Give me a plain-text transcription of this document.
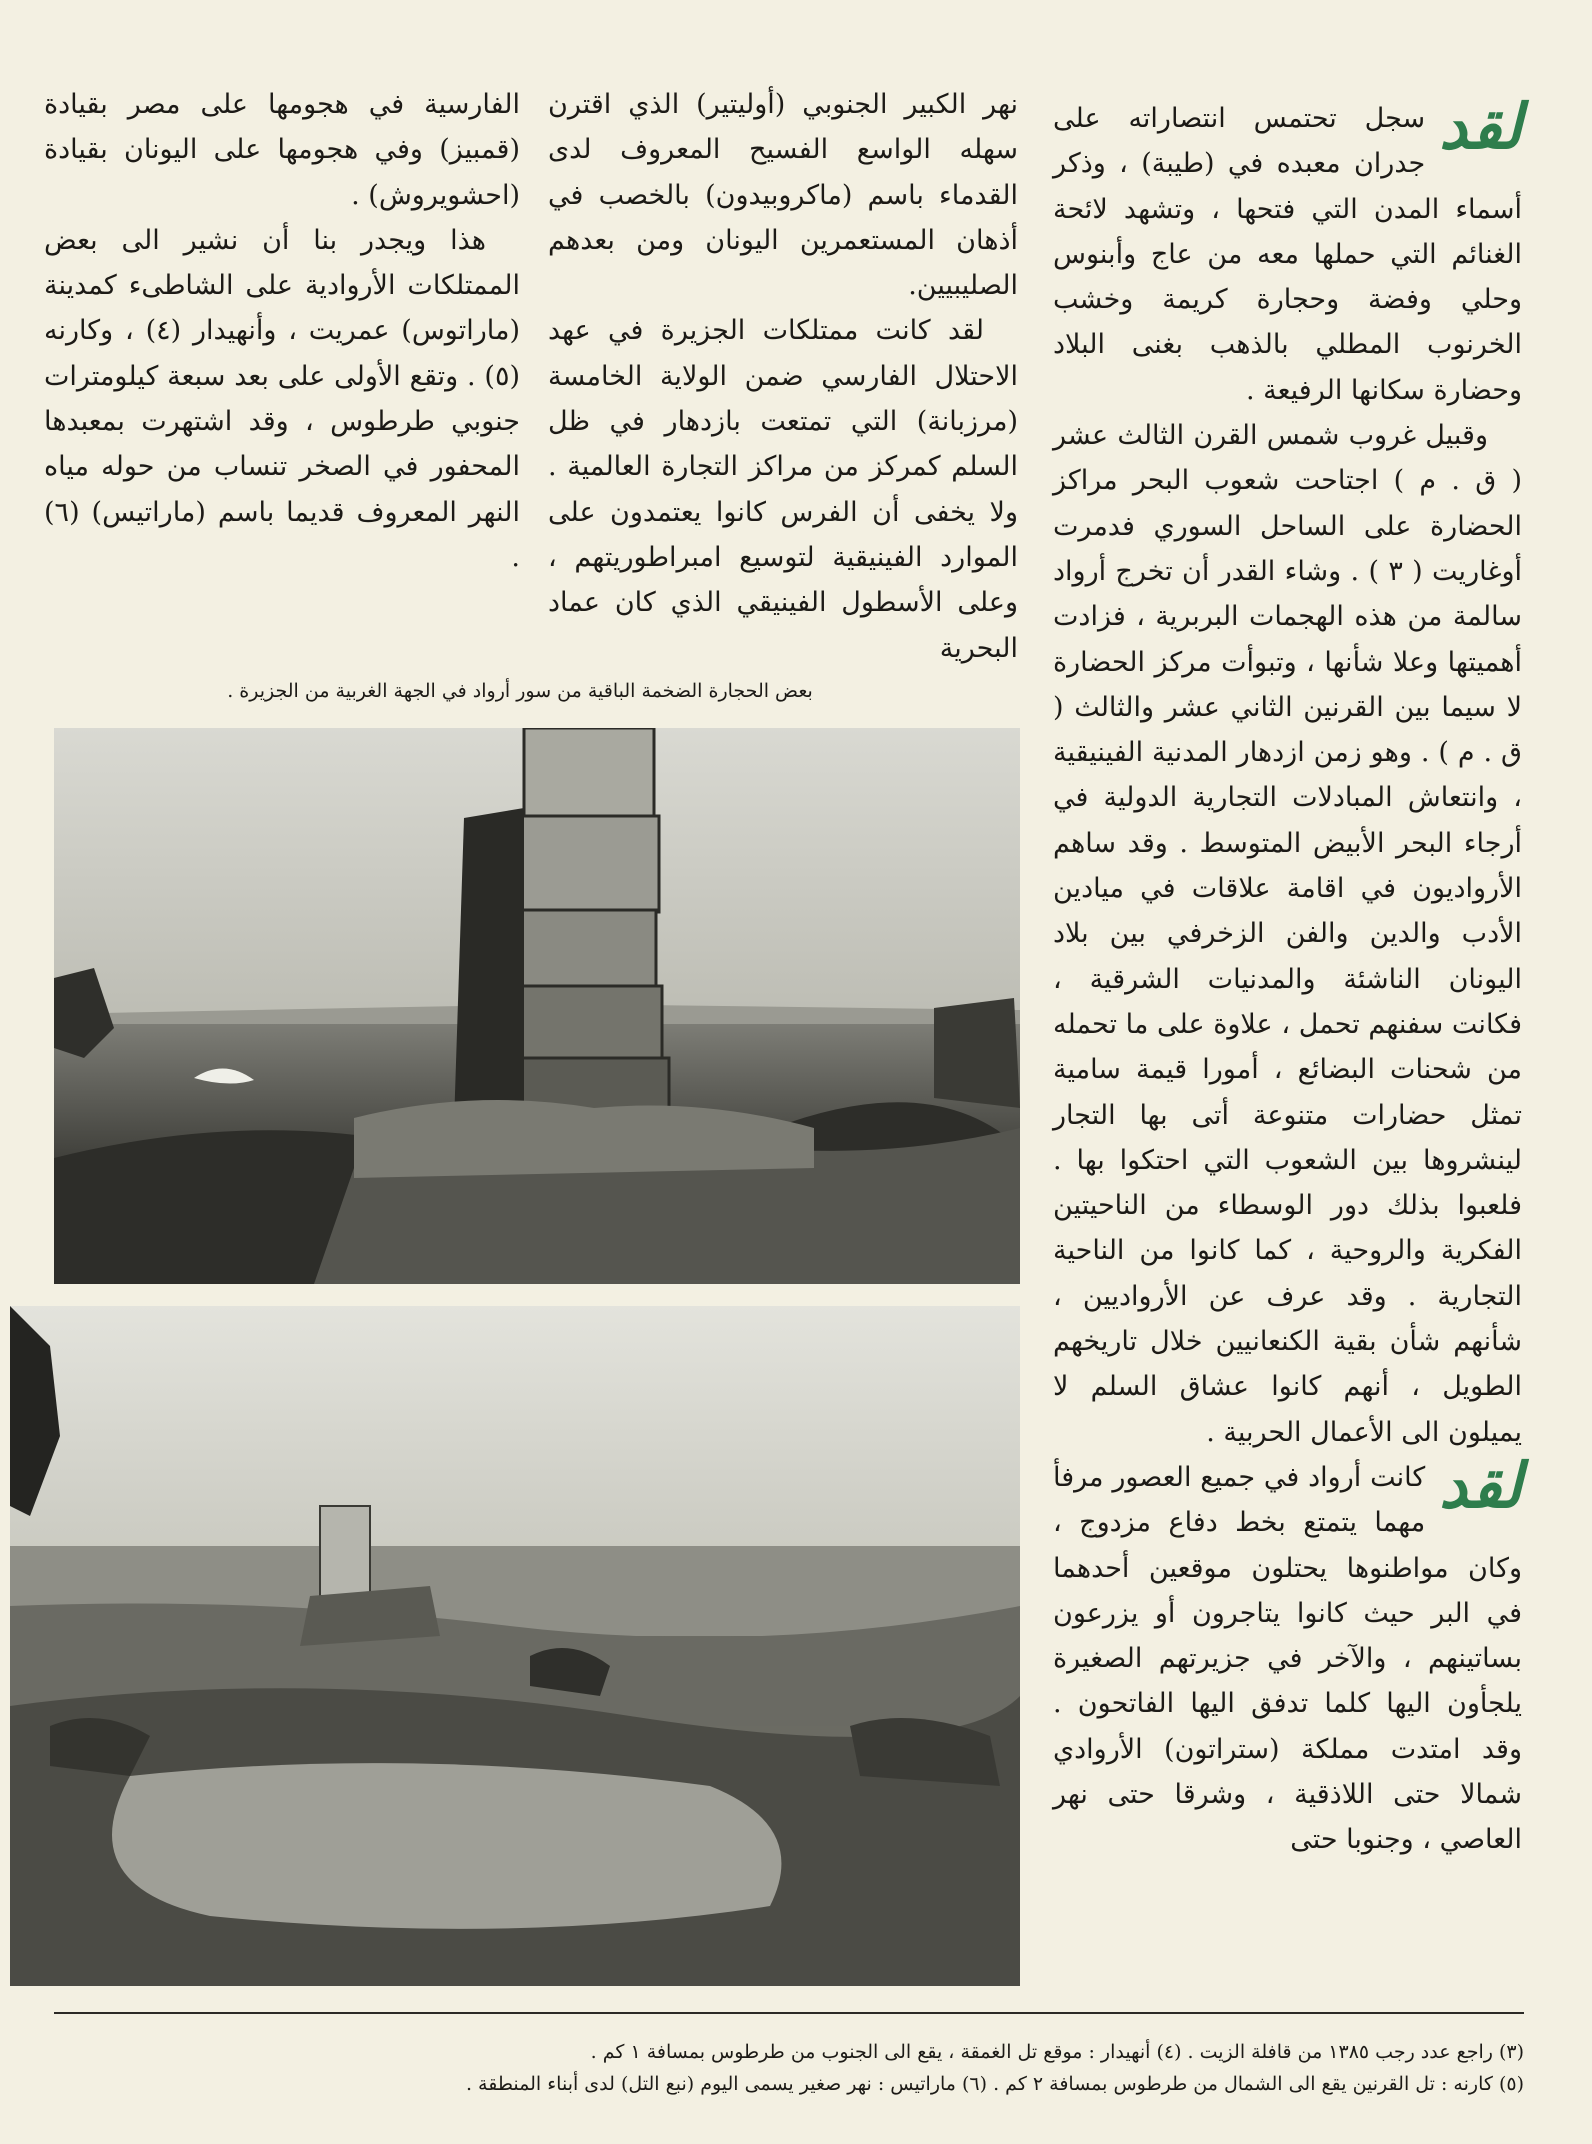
لقد

سجل تحتمس انتصاراته على جدران معبده في (طيبة) ، وذكر أسماء المدن التي فتحها ، وتشهد لائحة الغنائم التي حملها معه من عاج وأبنوس وحلي وفضة وحجارة كريمة وخشب الخرنوب المطلي بالذهب بغنى البلاد وحضارة سكانها الرفيعة .

وقبيل غروب شمس القرن الثالث عشر ( ق . م ) اجتاحت شعوب البحر مراكز الحضارة على الساحل السوري فدمرت أوغاريت ( ٣ ) . وشاء القدر أن تخرج أرواد سالمة من هذه الهجمات البربرية ، فزادت أهميتها وعلا شأنها ، وتبوأت مركز الحضارة لا سيما بين القرنين الثاني عشر والثالث ( ق . م ) . وهو زمن ازدهار المدنية الفينيقية ، وانتعاش المبادلات التجارية الدولية في أرجاء البحر الأبيض المتوسط . وقد ساهم الأرواديون في اقامة علاقات في ميادين الأدب والدين والفن الزخرفي بين بلاد اليونان الناشئة والمدنيات الشرقية ، فكانت سفنهم تحمل ، علاوة على ما تحمله من شحنات البضائع ، أمورا قيمة سامية تمثل حضارات متنوعة أتى بها التجار لينشروها بين الشعوب التي احتكوا بها . فلعبوا بذلك دور الوسطاء من الناحيتين الفكرية والروحية ، كما كانوا من الناحية التجارية . وقد عرف عن الأرواديين ، شأنهم شأن بقية الكنعانيين خلال تاريخهم الطويل ، أنهم كانوا عشاق السلم لا يميلون الى الأعمال الحربية .

لقد

كانت أرواد في جميع العصور مرفأ مهما يتمتع بخط دفاع مزدوج ، وكان مواطنوها يحتلون موقعين أحدهما في البر حيث كانوا يتاجرون أو يزرعون بساتينهم ، والآخر في جزيرتهم الصغيرة يلجأون اليها كلما تدفق اليها الفاتحون . وقد امتدت مملكة (ستراتون) الأروادي شمالا حتى اللاذقية ، وشرقا حتى نهر العاصي ، وجنوبا حتى

نهر الكبير الجنوبي (أوليتير) الذي اقترن سهله الواسع الفسيح المعروف لدى القدماء باسم (ماكروبيدون) بالخصب في أذهان المستعمرين اليونان ومن بعدهم الصليبيين.

لقد كانت ممتلكات الجزيرة في عهد الاحتلال الفارسي ضمن الولاية الخامسة (مرزبانة) التي تمتعت بازدهار في ظل السلم كمركز من مراكز التجارة العالمية . ولا يخفى أن الفرس كانوا يعتمدون على الموارد الفينيقية لتوسيع امبراطوريتهم ، وعلى الأسطول الفينيقي الذي كان عماد البحرية

الفارسية في هجومها على مصر بقيادة (قمبيز) وفي هجومها على اليونان بقيادة (احشويروش) .

هذا ويجدر بنا أن نشير الى بعض الممتلكات الأروادية على الشاطىء كمدينة (ماراتوس) عمريت ، وأنهيدار (٤) ، وكارنه (٥) . وتقع الأولى على بعد سبعة كيلومترات جنوبي طرطوس ، وقد اشتهرت بمعبدها المحفور في الصخر تنساب من حوله مياه النهر المعروف قديما باسم (ماراتيس) (٦) .

بعض الحجارة الضخمة الباقية من سور أرواد في الجهة الغربية من الجزيرة .

(٣) راجع عدد رجب ١٣٨٥ من قافلة الزيت . (٤) أنهيدار : موقع تل الغمقة ، يقع الى الجنوب من طرطوس بمسافة ١ كم .

(٥) كارنه : تل القرنين يقع الى الشمال من طرطوس بمسافة ٢ كم . (٦) ماراتيس : نهر صغير يسمى اليوم (نبع التل) لدى أبناء المنطقة .
